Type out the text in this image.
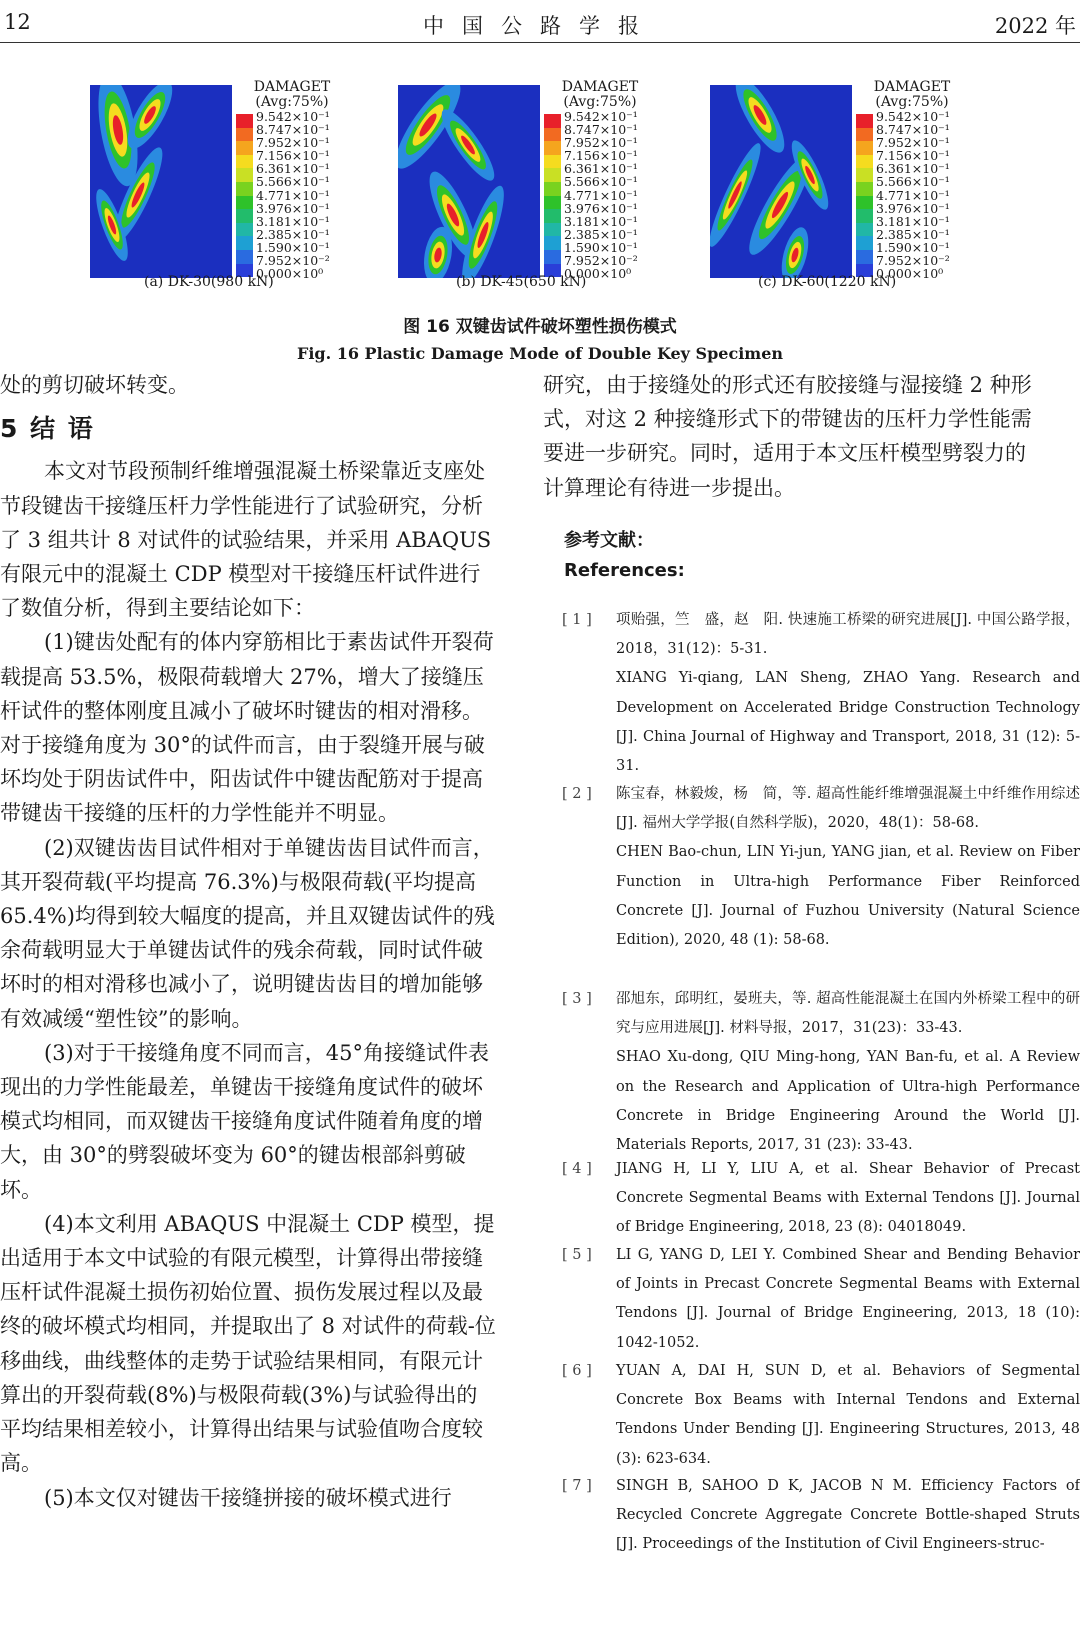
12	中国公路学报	2022 年
DAMAGET
(Avg:75%)
9.542×10⁻¹
8.747×10⁻¹
7.952×10⁻¹
7.156×10⁻¹
6.361×10⁻¹
5.566×10⁻¹
4.771×10⁻¹
3.976×10⁻¹
3.181×10⁻¹
2.385×10⁻¹
1.590×10⁻¹
7.952×10⁻²
0.000×10⁰
(a) DK-30(980 kN)
DAMAGET
(Avg:75%)
9.542×10⁻¹
8.747×10⁻¹
7.952×10⁻¹
7.156×10⁻¹
6.361×10⁻¹
5.566×10⁻¹
4.771×10⁻¹
3.976×10⁻¹
3.181×10⁻¹
2.385×10⁻¹
1.590×10⁻¹
7.952×10⁻²
0.000×10⁰
(b) DK-45(650 kN)
DAMAGET
(Avg:75%)
9.542×10⁻¹
8.747×10⁻¹
7.952×10⁻¹
7.156×10⁻¹
6.361×10⁻¹
5.566×10⁻¹
4.771×10⁻¹
3.976×10⁻¹
3.181×10⁻¹
2.385×10⁻¹
1.590×10⁻¹
7.952×10⁻²
0.000×10⁰
(c) DK-60(1220 kN)
图 16 双键齿试件破坏塑性损伤模式
Fig. 16 Plastic Damage Mode of Double Key Specimen

处的剪切破坏转变。

5 结 语

本文对节段预制纤维增强混凝土桥梁靠近支座处节段键齿干接缝压杆力学性能进行了试验研究，分析了 3 组共计 8 对试件的试验结果，并采用 ABAQUS 有限元中的混凝土 CDP 模型对干接缝压杆试件进行了数值分析，得到主要结论如下：

(1)键齿处配有的体内穿筋相比于素齿试件开裂荷载提高 53.5%，极限荷载增大 27%，增大了接缝压杆试件的整体刚度且减小了破坏时键齿的相对滑移。对于接缝角度为 30°的试件而言，由于裂缝开展与破坏均处于阴齿试件中，阳齿试件中键齿配筋对于提高带键齿干接缝的压杆的力学性能并不明显。

(2)双键齿齿目试件相对于单键齿齿目试件而言，其开裂荷载(平均提高 76.3%)与极限荷载(平均提高 65.4%)均得到较大幅度的提高，并且双键齿试件的残余荷载明显大于单键齿试件的残余荷载，同时试件破坏时的相对滑移也减小了，说明键齿齿目的增加能够有效减缓“塑性铰”的影响。

(3)对于干接缝角度不同而言，45°角接缝试件表现出的力学性能最差，单键齿干接缝角度试件的破坏模式均相同，而双键齿干接缝角度试件随着角度的增大，由 30°的劈裂破坏变为 60°的键齿根部斜剪破坏。

(4)本文利用 ABAQUS 中混凝土 CDP 模型，提出适用于本文中试验的有限元模型，计算得出带接缝压杆试件混凝土损伤初始位置、损伤发展过程以及最终的破坏模式均相同，并提取出了 8 对试件的荷载-位移曲线，曲线整体的走势于试验结果相同，有限元计算出的开裂荷载(8%)与极限荷载(3%)与试验得出的平均结果相差较小，计算得出结果与试验值吻合度较高。

(5)本文仅对键齿干接缝拼接的破坏模式进行

研究，由于接缝处的形式还有胶接缝与湿接缝 2 种形式，对这 2 种接缝形式下的带键齿的压杆力学性能需要进一步研究。同时，适用于本文压杆模型劈裂力的计算理论有待进一步提出。

参考文献：
References:
[ 1 ] 项贻强，竺　盛，赵　阳. 快速施工桥梁的研究进展[J]. 中国公路学报，2018，31(12)：5-31.
XIANG Yi-qiang, LAN Sheng, ZHAO Yang. Research and Development on Accelerated Bridge Construction Technology [J]. China Journal of Highway and Transport, 2018, 31 (12): 5-31.
[ 2 ] 陈宝春，林毅焌，杨　简，等. 超高性能纤维增强混凝土中纤维作用综述[J]. 福州大学学报(自然科学版)，2020，48(1)：58-68.
CHEN Bao-chun, LIN Yi-jun, YANG jian, et al. Review on Fiber Function in Ultra-high Performance Fiber Reinforced Concrete [J]. Journal of Fuzhou University (Natural Science Edition), 2020, 48 (1): 58-68.
[ 3 ] 邵旭东，邱明红，晏班夫，等. 超高性能混凝土在国内外桥梁工程中的研究与应用进展[J]. 材料导报，2017，31(23)：33-43.
SHAO Xu-dong, QIU Ming-hong, YAN Ban-fu, et al. A Review on the Research and Application of Ultra-high Performance Concrete in Bridge Engineering Around the World [J]. Materials Reports, 2017, 31 (23): 33-43.
[ 4 ] JIANG H, LI Y, LIU A, et al. Shear Behavior of Precast Concrete Segmental Beams with External Tendons [J]. Journal of Bridge Engineering, 2018, 23 (8): 04018049.
[ 5 ] LI G, YANG D, LEI Y. Combined Shear and Bending Behavior of Joints in Precast Concrete Segmental Beams with External Tendons [J]. Journal of Bridge Engineering, 2013, 18 (10): 1042-1052.
[ 6 ] YUAN A, DAI H, SUN D, et al. Behaviors of Segmental Concrete Box Beams with Internal Tendons and External Tendons Under Bending [J]. Engineering Structures, 2013, 48 (3): 623-634.
[ 7 ] SINGH B, SAHOO D K, JACOB N M. Efficiency Factors of Recycled Concrete Aggregate Concrete Bottle-shaped Struts [J]. Proceedings of the Institution of Civil Engineers-struc-
